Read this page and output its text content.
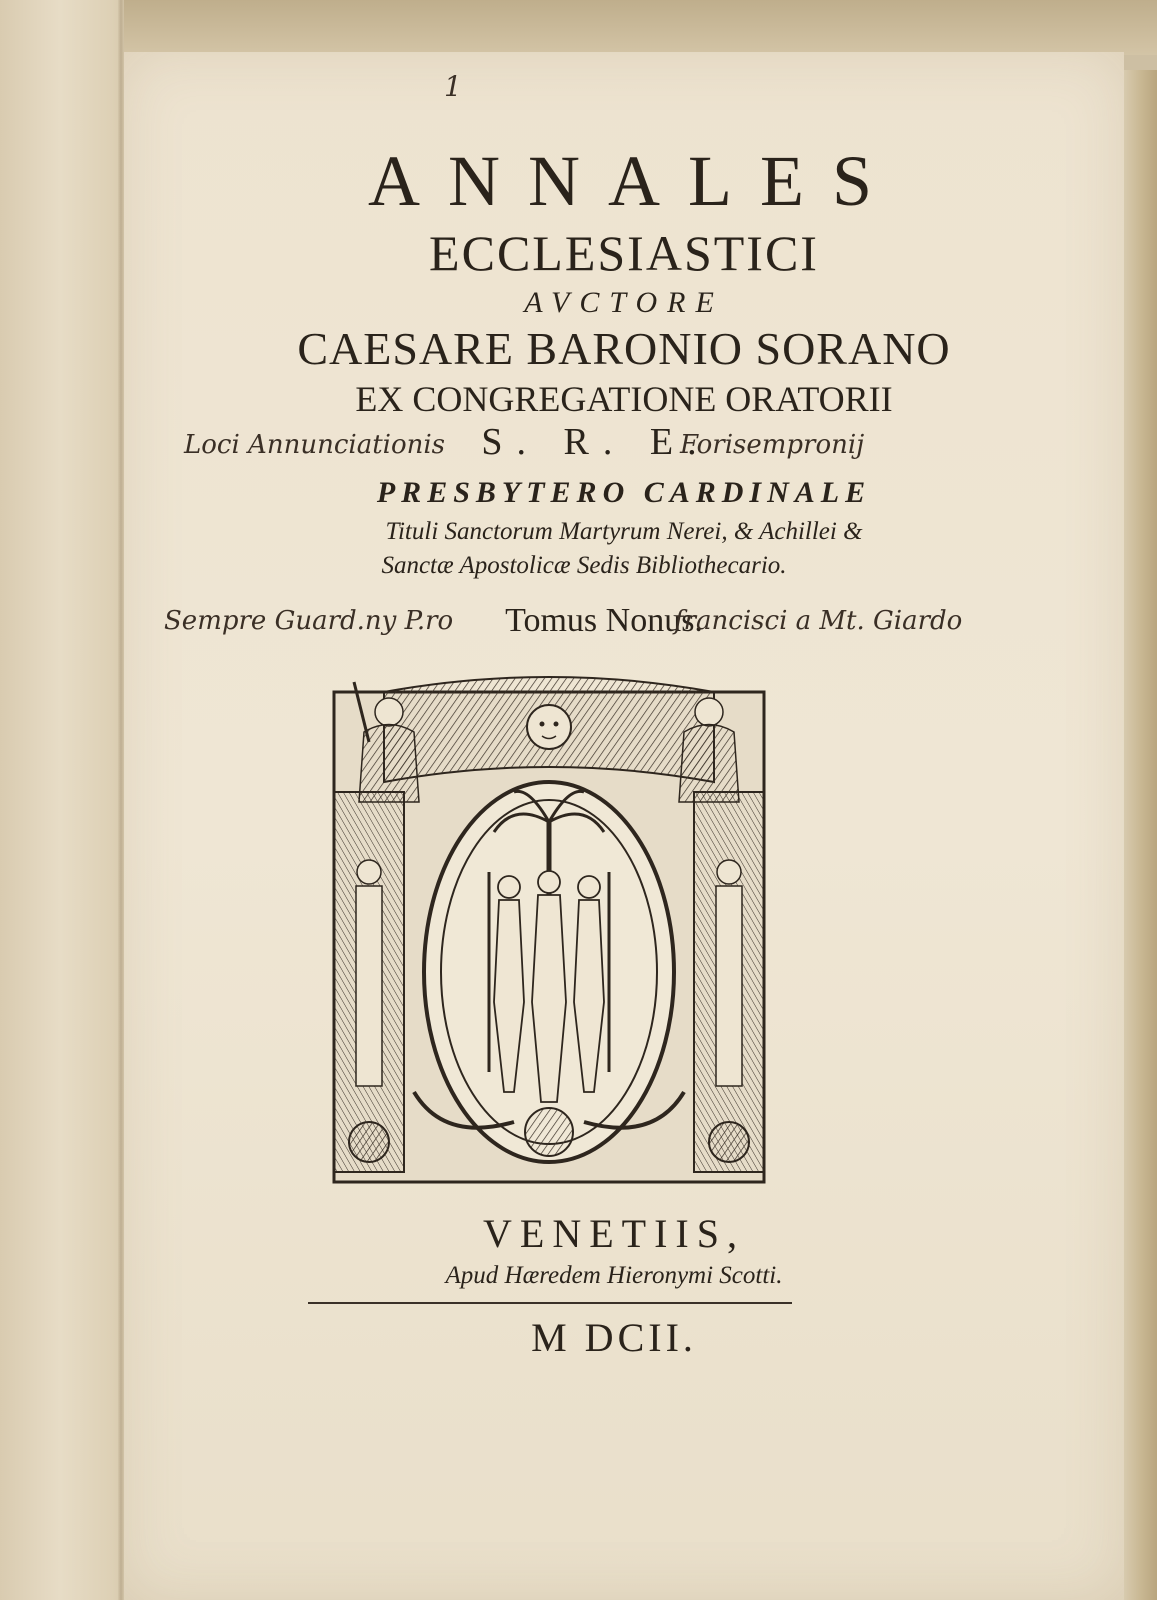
1
ANNALES
ECCLESIASTICI
AVCTORE
CAESARE BARONIO SORANO
EX CONGREGATIONE ORATORII
Loci Annunciationis S. R. E.
Forisempronij
PRESBYTERO CARDINALE
Tituli Sanctorum Martyrum Nerei, & Achillei &
Sanctæ Apostolicæ Sedis Bibliothecario.
Sempre Guard.ny P.ro	Tomus Nonus.
francisci a Mt. Giardo
VENETIIS,
Apud Hæredem Hieronymi Scotti.
M DCII.
